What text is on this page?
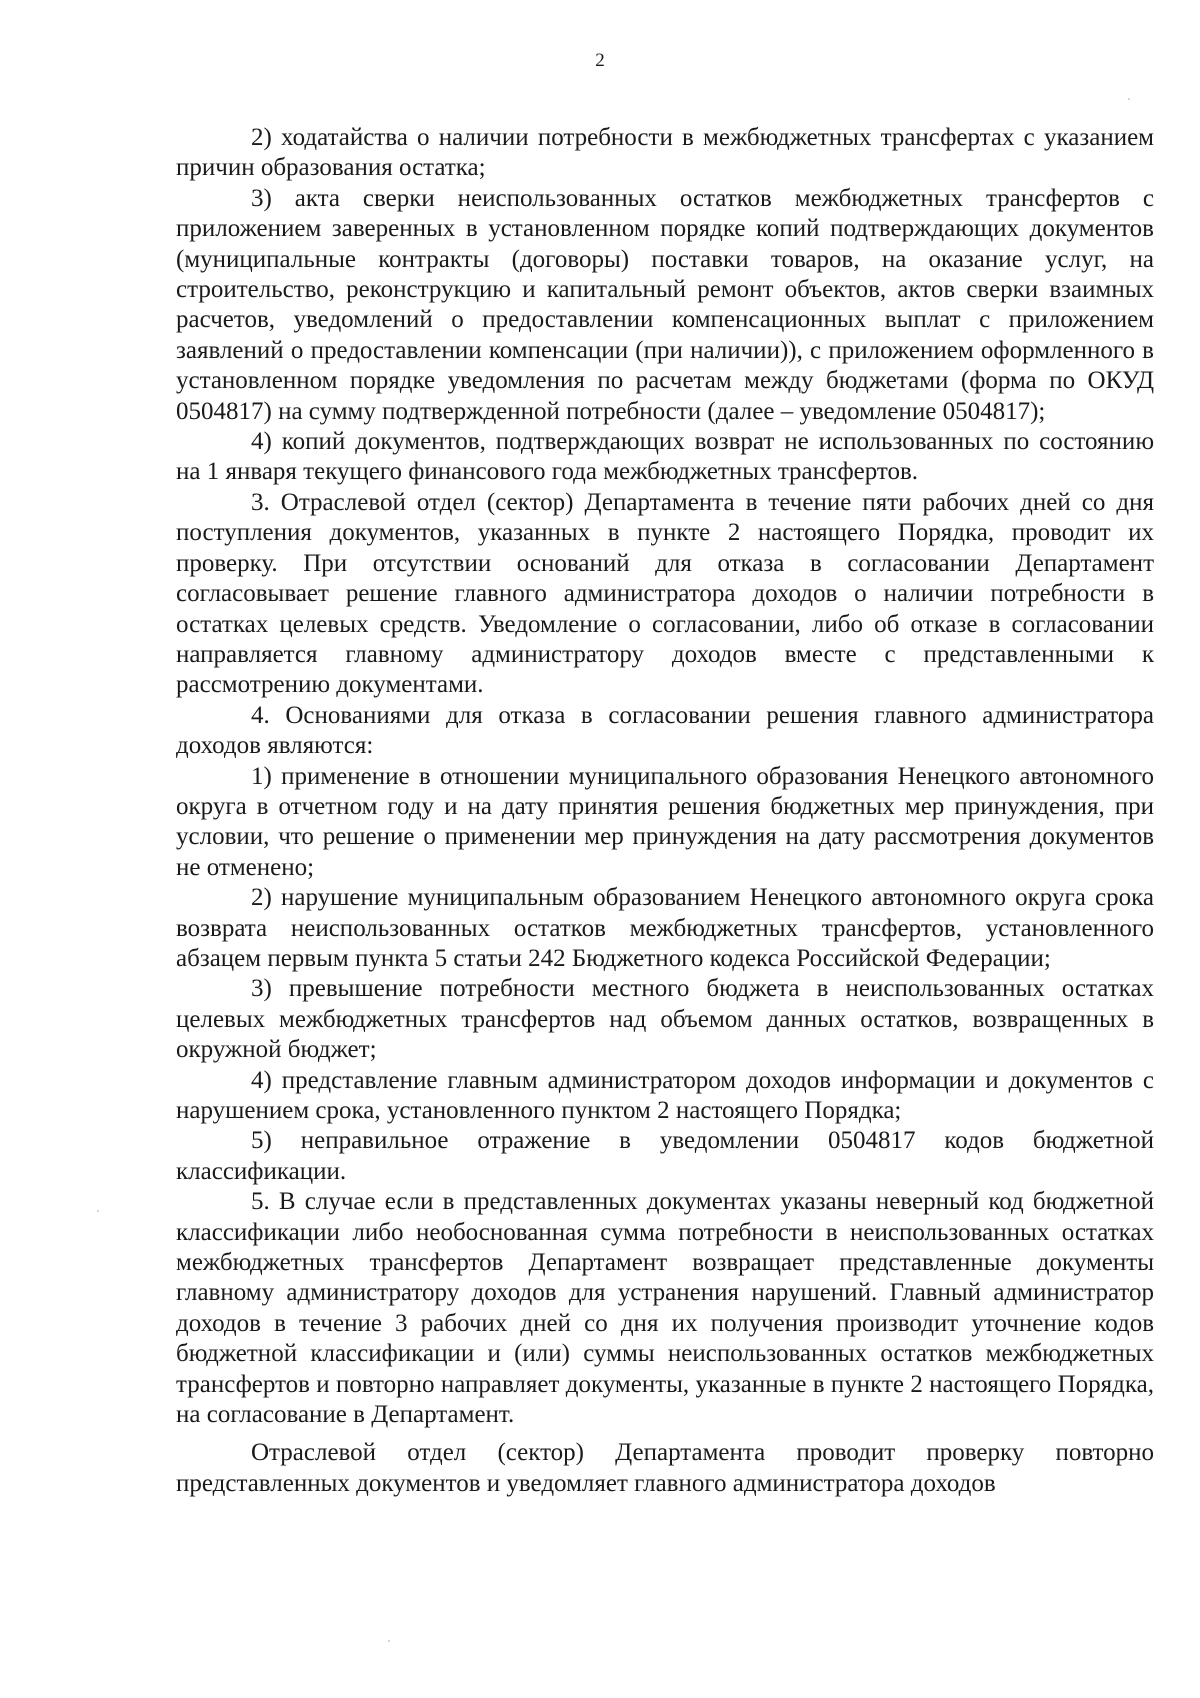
2

2) ходатайства о наличии потребности в межбюджетных трансфертах с указанием причин образования остатка;

3) акта сверки неиспользованных остатков межбюджетных трансфертов с приложением заверенных в установленном порядке копий подтверждающих документов (муниципальные контракты (договоры) поставки товаров, на оказание услуг, на строительство, реконструкцию и капитальный ремонт объектов, актов сверки взаимных расчетов, уведомлений о предоставлении компенсационных выплат с приложением заявлений о предоставлении компенсации (при наличии)), с приложением оформленного в установленном порядке уведомления по расчетам между бюджетами (форма по ОКУД 0504817) на сумму подтвержденной потребности (далее – уведомление 0504817);

4) копий документов, подтверждающих возврат не использованных по состоянию на 1 января текущего финансового года межбюджетных трансфертов.

3. Отраслевой отдел (сектор) Департамента в течение пяти рабочих дней со дня поступления документов, указанных в пункте 2 настоящего Порядка, проводит их проверку. При отсутствии оснований для отказа в согласовании Департамент согласовывает решение главного администратора доходов о наличии потребности в остатках целевых средств. Уведомление о согласовании, либо об отказе в согласовании направляется главному администратору доходов вместе с представленными к рассмотрению документами.

4. Основаниями для отказа в согласовании решения главного администратора доходов являются:

1) применение в отношении муниципального образования Ненецкого автономного округа в отчетном году и на дату принятия решения бюджетных мер принуждения, при условии, что решение о применении мер принуждения на дату рассмотрения документов не отменено;

2) нарушение муниципальным образованием Ненецкого автономного округа срока возврата неиспользованных остатков межбюджетных трансфертов, установленного абзацем первым пункта 5 статьи 242 Бюджетного кодекса Российской Федерации;

3) превышение потребности местного бюджета в неиспользованных остатках целевых межбюджетных трансфертов над объемом данных остатков, возвращенных в окружной бюджет;

4) представление главным администратором доходов информации и документов с нарушением срока, установленного пунктом 2 настоящего Порядка;

5) неправильное отражение в уведомлении 0504817 кодов бюджетной классификации.

5. В случае если в представленных документах указаны неверный код бюджетной классификации либо необоснованная сумма потребности в неиспользованных остатках межбюджетных трансфертов Департамент возвращает представленные документы главному администратору доходов для устранения нарушений. Главный администратор доходов в течение 3 рабочих дней со дня их получения производит уточнение кодов бюджетной классификации и (или) суммы неиспользованных остатков межбюджетных трансфертов и повторно направляет документы, указанные в пункте 2 настоящего Порядка, на согласование в Департамент.

Отраслевой отдел (сектор) Департамента проводит проверку повторно представленных документов и уведомляет главного администратора доходов
